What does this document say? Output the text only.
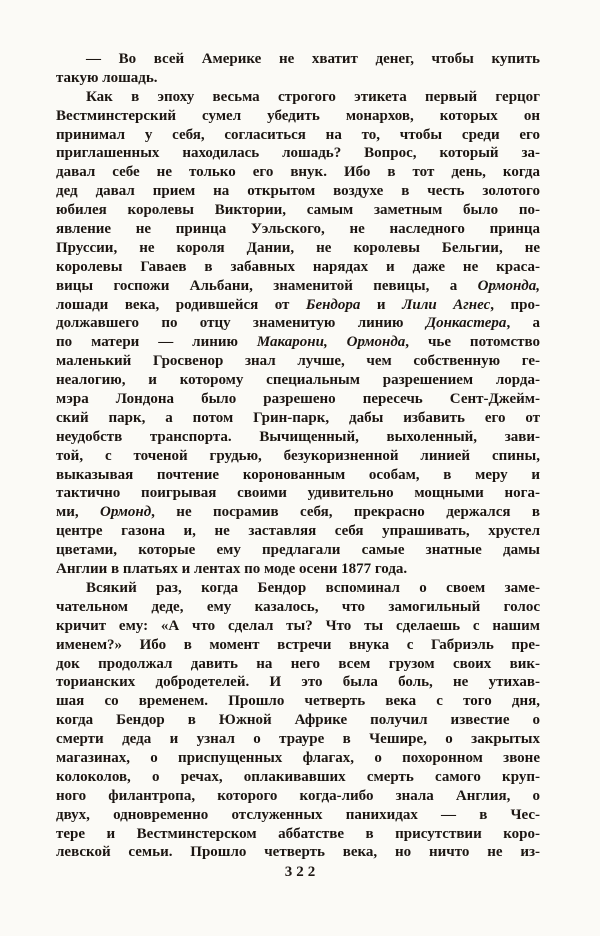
— Во всей Америке не хватит денег, чтобы купить
такую лошадь.
Как в эпоху весьма строгого этикета первый герцог
Вестминстерский сумел убедить монархов, которых он
принимал у себя, согласиться на то, чтобы среди его
приглашенных находилась лошадь? Вопрос, который за-
давал себе не только его внук. Ибо в тот день, когда
дед давал прием на открытом воздухе в честь золотого
юбилея королевы Виктории, самым заметным было по-
явление не принца Уэльского, не наследного принца
Пруссии, не короля Дании, не королевы Бельгии, не
королевы Гаваев в забавных нарядах и даже не краса-
вицы госпожи Альбани, знаменитой певицы, а Ормонда,
лошади века, родившейся от Бендора и Лили Агнес, про-
должавшего по отцу знаменитую линию Донкастера, а
по матери — линию Макарони, Ормонда, чье потомство
маленький Гросвенор знал лучше, чем собственную ге-
неалогию, и которому специальным разрешением лорда-
мэра Лондона было разрешено пересечь Сент-Джейм-
ский парк, а потом Грин-парк, дабы избавить его от
неудобств транспорта. Вычищенный, выхоленный, зави-
той, с точеной грудью, безукоризненной линией спины,
выказывая почтение коронованным особам, в меру и
тактично поигрывая своими удивительно мощными нога-
ми, Ормонд, не посрамив себя, прекрасно держался в
центре газона и, не заставляя себя упрашивать, хрустел
цветами, которые ему предлагали самые знатные дамы
Англии в платьях и лентах по моде осени 1877 года.
Всякий раз, когда Бендор вспоминал о своем заме-
чательном деде, ему казалось, что замогильный голос
кричит ему: «А что сделал ты? Что ты сделаешь с нашим
именем?» Ибо в момент встречи внука с Габриэль пре-
док продолжал давить на него всем грузом своих вик-
торианских добродетелей. И это была боль, не утихав-
шая со временем. Прошло четверть века с того дня,
когда Бендор в Южной Африке получил известие о
смерти деда и узнал о трауре в Чешире, о закрытых
магазинах, о приспущенных флагах, о похоронном звоне
колоколов, о речах, оплакивавших смерть самого круп-
ного филантропа, которого когда-либо знала Англия, о
двух, одновременно отслуженных панихидах — в Чес-
тере и Вестминстерском аббатстве в присутствии коро-
левской семьи. Прошло четверть века, но ничто не из-
322
